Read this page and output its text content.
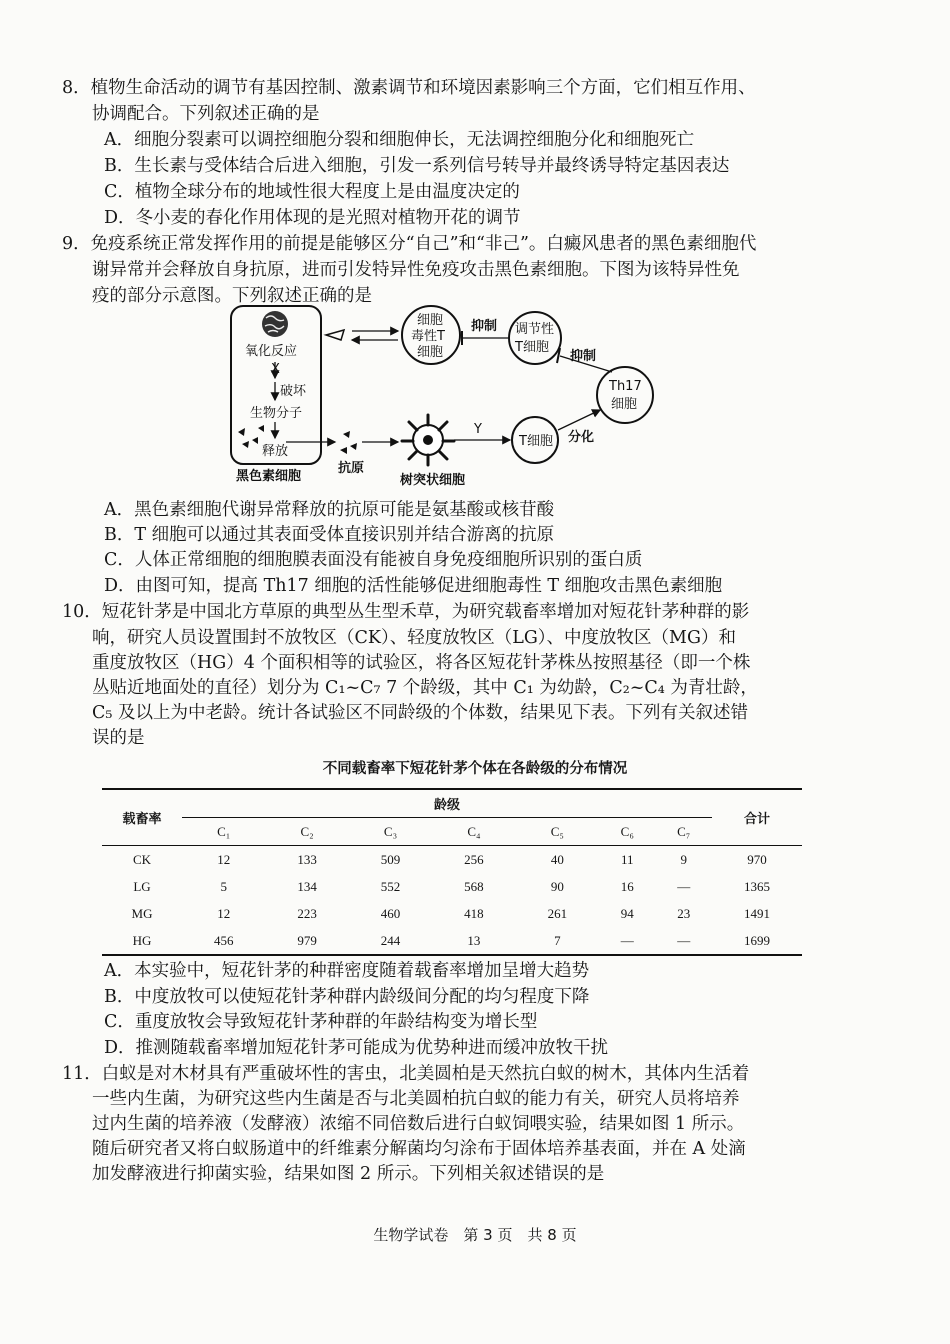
8．植物生命活动的调节有基因控制、激素调节和环境因素影响三个方面，它们相互作用、
协调配合。下列叙述正确的是
A．细胞分裂素可以调控细胞分裂和细胞伸长，无法调控细胞分化和细胞死亡
B．生长素与受体结合后进入细胞，引发一系列信号转导并最终诱导特定基因表达
C．植物全球分布的地域性很大程度上是由温度决定的
D．冬小麦的春化作用体现的是光照对植物开花的调节
9．免疫系统正常发挥作用的前提是能够区分“自己”和“非己”。白癜风患者的黑色素细胞代
谢异常并会释放自身抗原，进而引发特异性免疫攻击黑色素细胞。下图为该特异性免
疫的部分示意图。下列叙述正确的是
氧化反应
X
破坏
生物分子
释放
黑色素细胞
抗原
树突状细胞
Y
T细胞
细胞
毒性T
细胞
抑制 调节性
T细胞
抑制
Th17
细胞
分化
A．黑色素细胞代谢异常释放的抗原可能是氨基酸或核苷酸
B．T 细胞可以通过其表面受体直接识别并结合游离的抗原
C．人体正常细胞的细胞膜表面没有能被自身免疫细胞所识别的蛋白质
D．由图可知，提高 Th17 细胞的活性能够促进细胞毒性 T 细胞攻击黑色素细胞
10．短花针茅是中国北方草原的典型丛生型禾草，为研究载畜率增加对短花针茅种群的影
响，研究人员设置围封不放牧区（CK）、轻度放牧区（LG）、中度放牧区（MG）和
重度放牧区（HG）4 个面积相等的试验区，将各区短花针茅株丛按照基径（即一个株
丛贴近地面处的直径）划分为 C₁~C₇ 7 个龄级，其中 C₁ 为幼龄，C₂~C₄ 为青壮龄，
C₅ 及以上为中老龄。统计各试验区不同龄级的个体数，结果见下表。下列有关叙述错
误的是
不同载畜率下短花针茅个体在各龄级的分布情况
载畜率	龄级							合计
	C₁	C₂	C₃	C₄	C₅	C₆	C₇	
CK	12	133	509	256	40	11	9	970
LG	5	134	552	568	90	16	—	1365
MG	12	223	460	418	261	94	23	1491
HG	456	979	244	13	7	—	—	1699
A．本实验中，短花针茅的种群密度随着载畜率增加呈增大趋势
B．中度放牧可以使短花针茅种群内龄级间分配的均匀程度下降
C．重度放牧会导致短花针茅种群的年龄结构变为增长型
D．推测随载畜率增加短花针茅可能成为优势种进而缓冲放牧干扰
11．白蚁是对木材具有严重破坏性的害虫，北美圆柏是天然抗白蚁的树木，其体内生活着
一些内生菌，为研究这些内生菌是否与北美圆柏抗白蚁的能力有关，研究人员将培养
过内生菌的培养液（发酵液）浓缩不同倍数后进行白蚁饲喂实验，结果如图 1 所示。
随后研究者又将白蚁肠道中的纤维素分解菌均匀涂布于固体培养基表面，并在 A 处滴
加发酵液进行抑菌实验，结果如图 2 所示。下列相关叙述错误的是
生物学试卷　第 3 页　共 8 页
